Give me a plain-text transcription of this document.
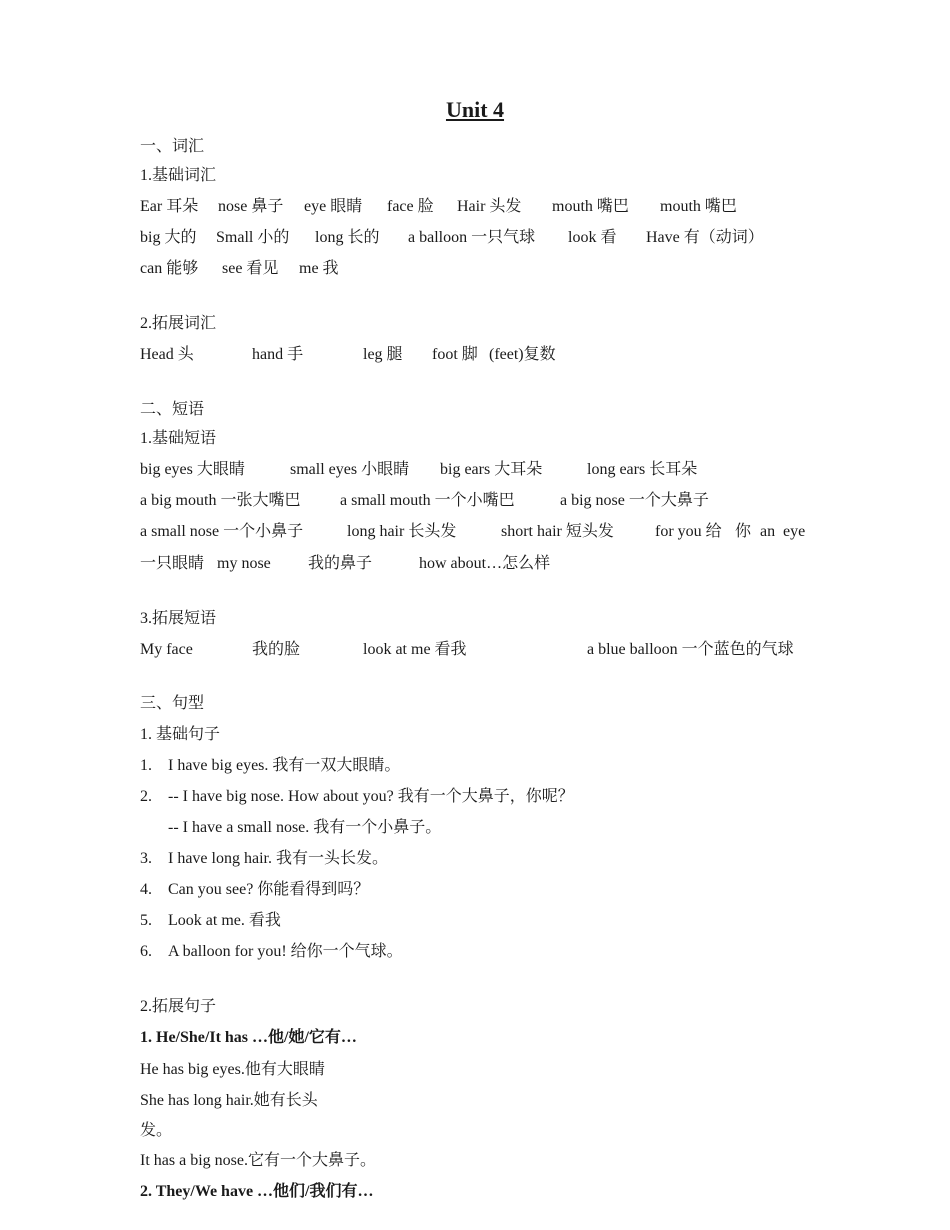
Unit 4
一、词汇
1.基础词汇
Ear 耳朵 nose 鼻子 eye 眼睛 face 脸 Hair 头发 mouth 嘴巴 mouth 嘴巴
big 大的 Small 小的 long 长的 a balloon 一只气球 look 看 Have 有（动词）
can 能够 see 看见 me 我
2.拓展词汇
Head 头	hand 手	leg 腿 foot 脚 (feet)复数
二、短语
1.基础短语
big eyes 大眼睛	small eyes 小眼睛 big ears 大耳朵	long ears 长耳朵
a big mouth 一张大嘴巴 a small mouth 一个小嘴巴	a big nose 一个大鼻子
a small nose 一个小鼻子	long hair 长头发	short hair 短头发	for you 给 你 an eye
一只眼睛 my nose 我的鼻子	how about…怎么样
3.拓展短语
My face	我的脸	look at me 看我	a blue balloon 一个蓝色的气球
三、句型
1. 基础句子
1. I have big eyes. 我有一双大眼睛。
2. -- I have big nose. How about you? 我有一个大鼻子，你呢？
-- I have a small nose. 我有一个小鼻子。
3. I have long hair. 我有一头长发。
4. Can you see? 你能看得到吗？
5. Look at me. 看我
6. A balloon for you! 给你一个气球。
2.拓展句子
1. He/She/It has …他/她/它有…
He has big eyes.他有大眼睛
She has long hair.她有长头
发。
It has a big nose.它有一个大鼻子。
2. They/We have …他们/我们有…
